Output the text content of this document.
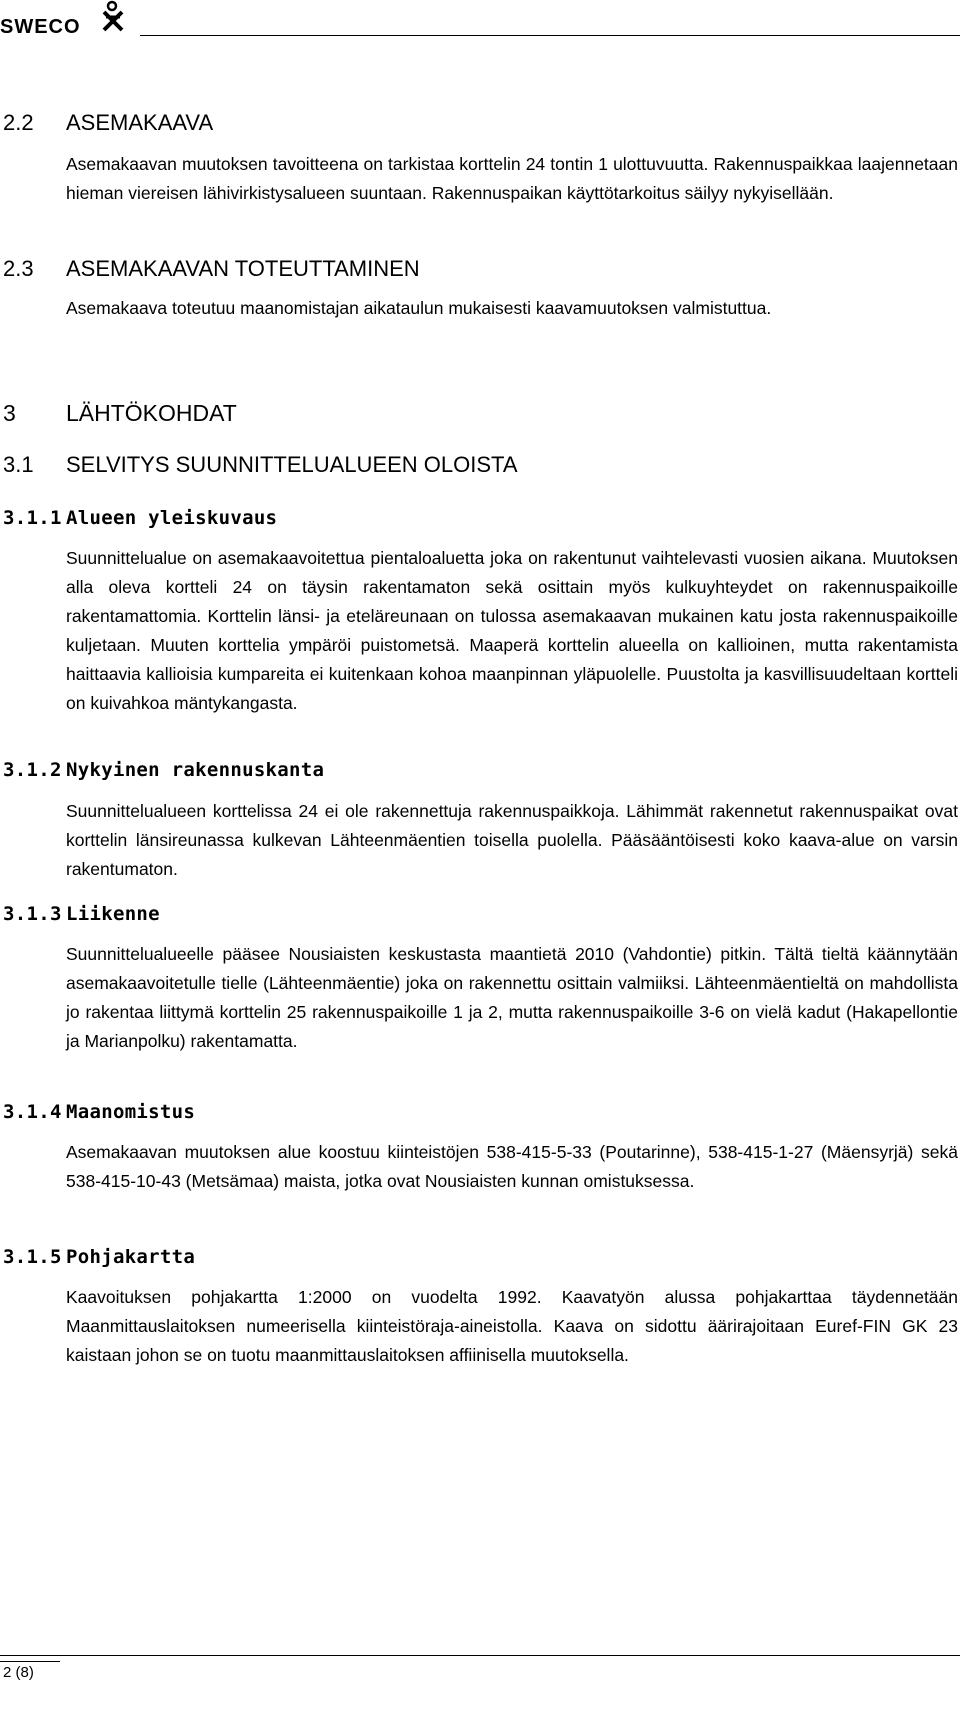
SWECO
2.2 ASEMAKAAVA
Asemakaavan muutoksen tavoitteena on tarkistaa korttelin 24 tontin 1 ulottuvuutta. Rakennuspaikkaa laajennetaan hieman viereisen lähivirkistysalueen suuntaan. Rakennuspaikan käyttötarkoitus säilyy nykyisellään.
2.3 ASEMAKAAVAN TOTEUTTAMINEN
Asemakaava toteutuu maanomistajan aikataulun mukaisesti kaavamuutoksen valmistuttua.
3 LÄHTÖKOHDAT
3.1 SELVITYS SUUNNITTELUALUEEN OLOISTA
3.1.1 Alueen yleiskuvaus
Suunnittelualue on asemakaavoitettua pientaloaluetta joka on rakentunut vaihtelevasti vuosien aikana. Muutoksen alla oleva kortteli 24 on täysin rakentamaton sekä osittain myös kulkuyhteydet on rakennuspaikoille rakentamattomia. Korttelin länsi- ja eteläreunaan on tulossa asemakaavan mukainen katu josta rakennuspaikoille kuljetaan. Muuten korttelia ympäröi puistometsä. Maaperä korttelin alueella on kallioinen, mutta rakentamista haittaavia kallioisia kumpareita ei kuitenkaan kohoa maanpinnan yläpuolelle. Puustolta ja kasvillisuudeltaan kortteli on kuivahkoa mäntykangasta.
3.1.2 Nykyinen rakennuskanta
Suunnittelualueen korttelissa 24 ei ole rakennettuja rakennuspaikkoja. Lähimmät rakennetut rakennuspaikat ovat korttelin länsireunassa kulkevan Lähteenmäentien toisella puolella. Pääsääntöisesti koko kaava-alue on varsin rakentumaton.
3.1.3 Liikenne
Suunnittelualueelle pääsee Nousiaisten keskustasta maantietä 2010 (Vahdontie) pitkin. Tältä tieltä käännytään asemakaavoitetulle tielle (Lähteenmäentie) joka on rakennettu osittain valmiiksi. Lähteenmäentieltä on mahdollista jo rakentaa liittymä korttelin 25 rakennuspaikoille 1 ja 2, mutta rakennuspaikoille 3-6 on vielä kadut (Hakapellontie ja Marianpolku) rakentamatta.
3.1.4 Maanomistus
Asemakaavan muutoksen alue koostuu kiinteistöjen 538-415-5-33 (Poutarinne), 538-415-1-27 (Mäensyrjä) sekä 538-415-10-43 (Metsämaa) maista, jotka ovat Nousiaisten kunnan omistuksessa.
3.1.5 Pohjakartta
Kaavoituksen pohjakartta 1:2000 on vuodelta 1992. Kaavatyön alussa pohjakarttaa täydennetään Maanmittauslaitoksen numeerisella kiinteistöraja-aineistolla. Kaava on sidottu äärirajoitaan Euref-FIN GK 23 kaistaan johon se on tuotu maanmittauslaitoksen affiinisella muutoksella.
2 (8)
